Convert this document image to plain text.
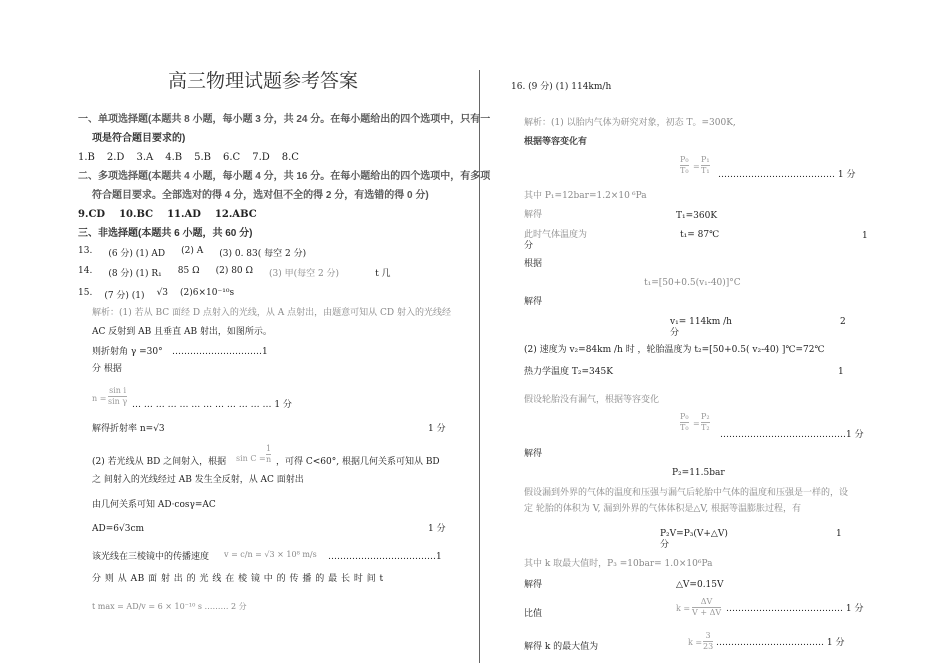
高三物理试题参考答案
一、单项选择题(本题共 8 小题，每小题 3 分，共 24 分。在每小题给出的四个选项中，只有一
项是符合题目要求的)
1.B 2.D 3.A 4.B 5.B 6.C 7.D 8.C
二、多项选择题(本题共 4 小题，每小题 4 分，共 16 分。在每小题给出的四个选项中，有多项
符合题目要求。全部选对的得 4 分，选对但不全的得 2 分，有选错的得 0 分)
9.CD 10.BC 11.AD 12.ABC
三、非选择题(本题共 6 小题，共 60 分)
13. (6 分) (1) AD (2) A (3) 0. 83( 每空 2 分)
14. (8 分) (1) R₁ 85 Ω (2) 80 Ω (3) 甲(每空 2 分)	t 几
15. (7 分) (1) √3 (2)6×10⁻¹⁰s
解析：(1) 若从 BC 面经 D 点射入的光线，从 A 点射出，由题意可知从 CD 射入的光线经
AC 反射到 AB 且垂直 AB 射出，如图所示。
则折射角 γ =30° …………………………1
分 根据
n =
sin i
sin γ … … … … … … … … … … … … 1 分
解得折射率 n=√3	1 分
(2) 若光线从 BD 之间射入，根据 sin C =
1
n ，可得 C<60°, 根据几何关系可知从 BD
之 间射入的光线经过 AB 发生全反射，从 AC 面射出
由几何关系可知 AD·cosγ=AC
AD=6√3cm	1 分
该光线在三棱镜中的传播速度 v = c/n = √3 × 10⁸ m/s ………………………………1
分 则 从 AB 面 射 出 的 光 线 在 棱 镜 中 的 传 播 的 最 长 时 间 t
t max = AD/v = 6 × 10⁻¹⁰ s ……… 2 分
16. (9 分) (1) 114km/h
解析：(1) 以胎内气体为研究对象，初态 T。=300K,
根据等容变化有
P₀
T₀ =
P₁
T₁ ………………………………… 1 分
其中 P₁=12bar=1.2×10 ⁶Pa
解得	T₁=360K
此时气体温度为	t₁= 87℃	1
分
根据
t₁=[50+0.5(v₁-40)]°C
解得
v₁= 114km /h	2
分
(2) 速度为 v₂=84km /h 时 ，轮胎温度为 t₂=[50+0.5( v₂-40) ]℃=72℃
热力学温度 T₂=345K	1
假设轮胎没有漏气，根据等容变化
P₀
T₀ =
P₂
T₂
……………………………………1 分
解得
P₂=11.5bar
假设漏到外界的气体的温度和压强与漏气后轮胎中气体的温度和压强是一样的，设
定 轮胎的体积为 V, 漏到外界的气体体积是△V, 根据等温膨胀过程，有
P₂V=P₃(V+△V)	1
分
其中 k 取最大值时，P₃ =10bar= 1.0×10⁶Pa
解得	△V=0.15V
比值
k =
ΔV
V + ΔV ………………………………… 1 分
解得 k 的最大值为	k =
3
23 ……………………………… 1 分
